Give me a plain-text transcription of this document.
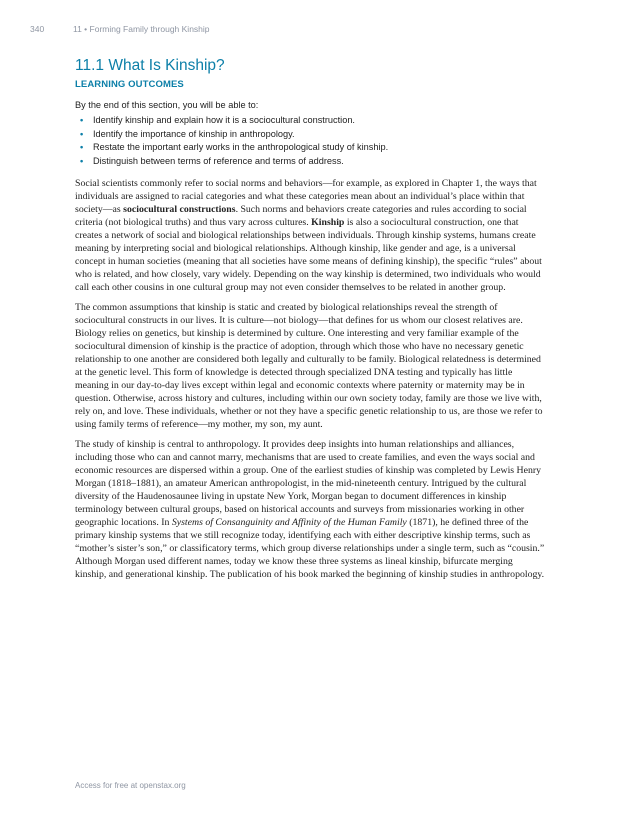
340	11 • Forming Family through Kinship
11.1 What Is Kinship?
LEARNING OUTCOMES
By the end of this section, you will be able to:
• Identify kinship and explain how it is a sociocultural construction.
• Identify the importance of kinship in anthropology.
• Restate the important early works in the anthropological study of kinship.
• Distinguish between terms of reference and terms of address.

Social scientists commonly refer to social norms and behaviors—for example, as explored in Chapter 1, the ways that individuals are assigned to racial categories and what these categories mean about an individual’s place within that society—as sociocultural constructions. Such norms and behaviors create categories and rules according to social criteria (not biological truths) and thus vary across cultures. Kinship is also a sociocultural construction, one that creates a network of social and biological relationships between individuals. Through kinship systems, humans create meaning by interpreting social and biological relationships. Although kinship, like gender and age, is a universal concept in human societies (meaning that all societies have some means of defining kinship), the specific “rules” about who is related, and how closely, vary widely. Depending on the way kinship is determined, two individuals who would call each other cousins in one cultural group may not even consider themselves to be related in another group.

The common assumptions that kinship is static and created by biological relationships reveal the strength of sociocultural constructs in our lives. It is culture—not biology—that defines for us whom our closest relatives are. Biology relies on genetics, but kinship is determined by culture. One interesting and very familiar example of the sociocultural dimension of kinship is the practice of adoption, through which those who have no necessary genetic relationship to one another are considered both legally and culturally to be family. Biological relatedness is determined at the genetic level. This form of knowledge is detected through specialized DNA testing and typically has little meaning in our day-to-day lives except within legal and economic contexts where paternity or maternity may be in question. Otherwise, across history and cultures, including within our own society today, family are those we live with, rely on, and love. These individuals, whether or not they have a specific genetic relationship to us, are those we refer to using family terms of reference—my mother, my son, my aunt.

The study of kinship is central to anthropology. It provides deep insights into human relationships and alliances, including those who can and cannot marry, mechanisms that are used to create families, and even the ways social and economic resources are dispersed within a group. One of the earliest studies of kinship was completed by Lewis Henry Morgan (1818–1881), an amateur American anthropologist, in the mid-nineteenth century. Intrigued by the cultural diversity of the Haudenosaunee living in upstate New York, Morgan began to document differences in kinship terminology between cultural groups, based on historical accounts and surveys from missionaries working in other geographic locations. In Systems of Consanguinity and Affinity of the Human Family (1871), he defined three of the primary kinship systems that we still recognize today, identifying each with either descriptive kinship terms, such as “mother’s sister’s son,” or classificatory terms, which group diverse relationships under a single term, such as “cousin.” Although Morgan used different names, today we know these three systems as lineal kinship, bifurcate merging kinship, and generational kinship. The publication of his book marked the beginning of kinship studies in anthropology.

Access for free at openstax.org
